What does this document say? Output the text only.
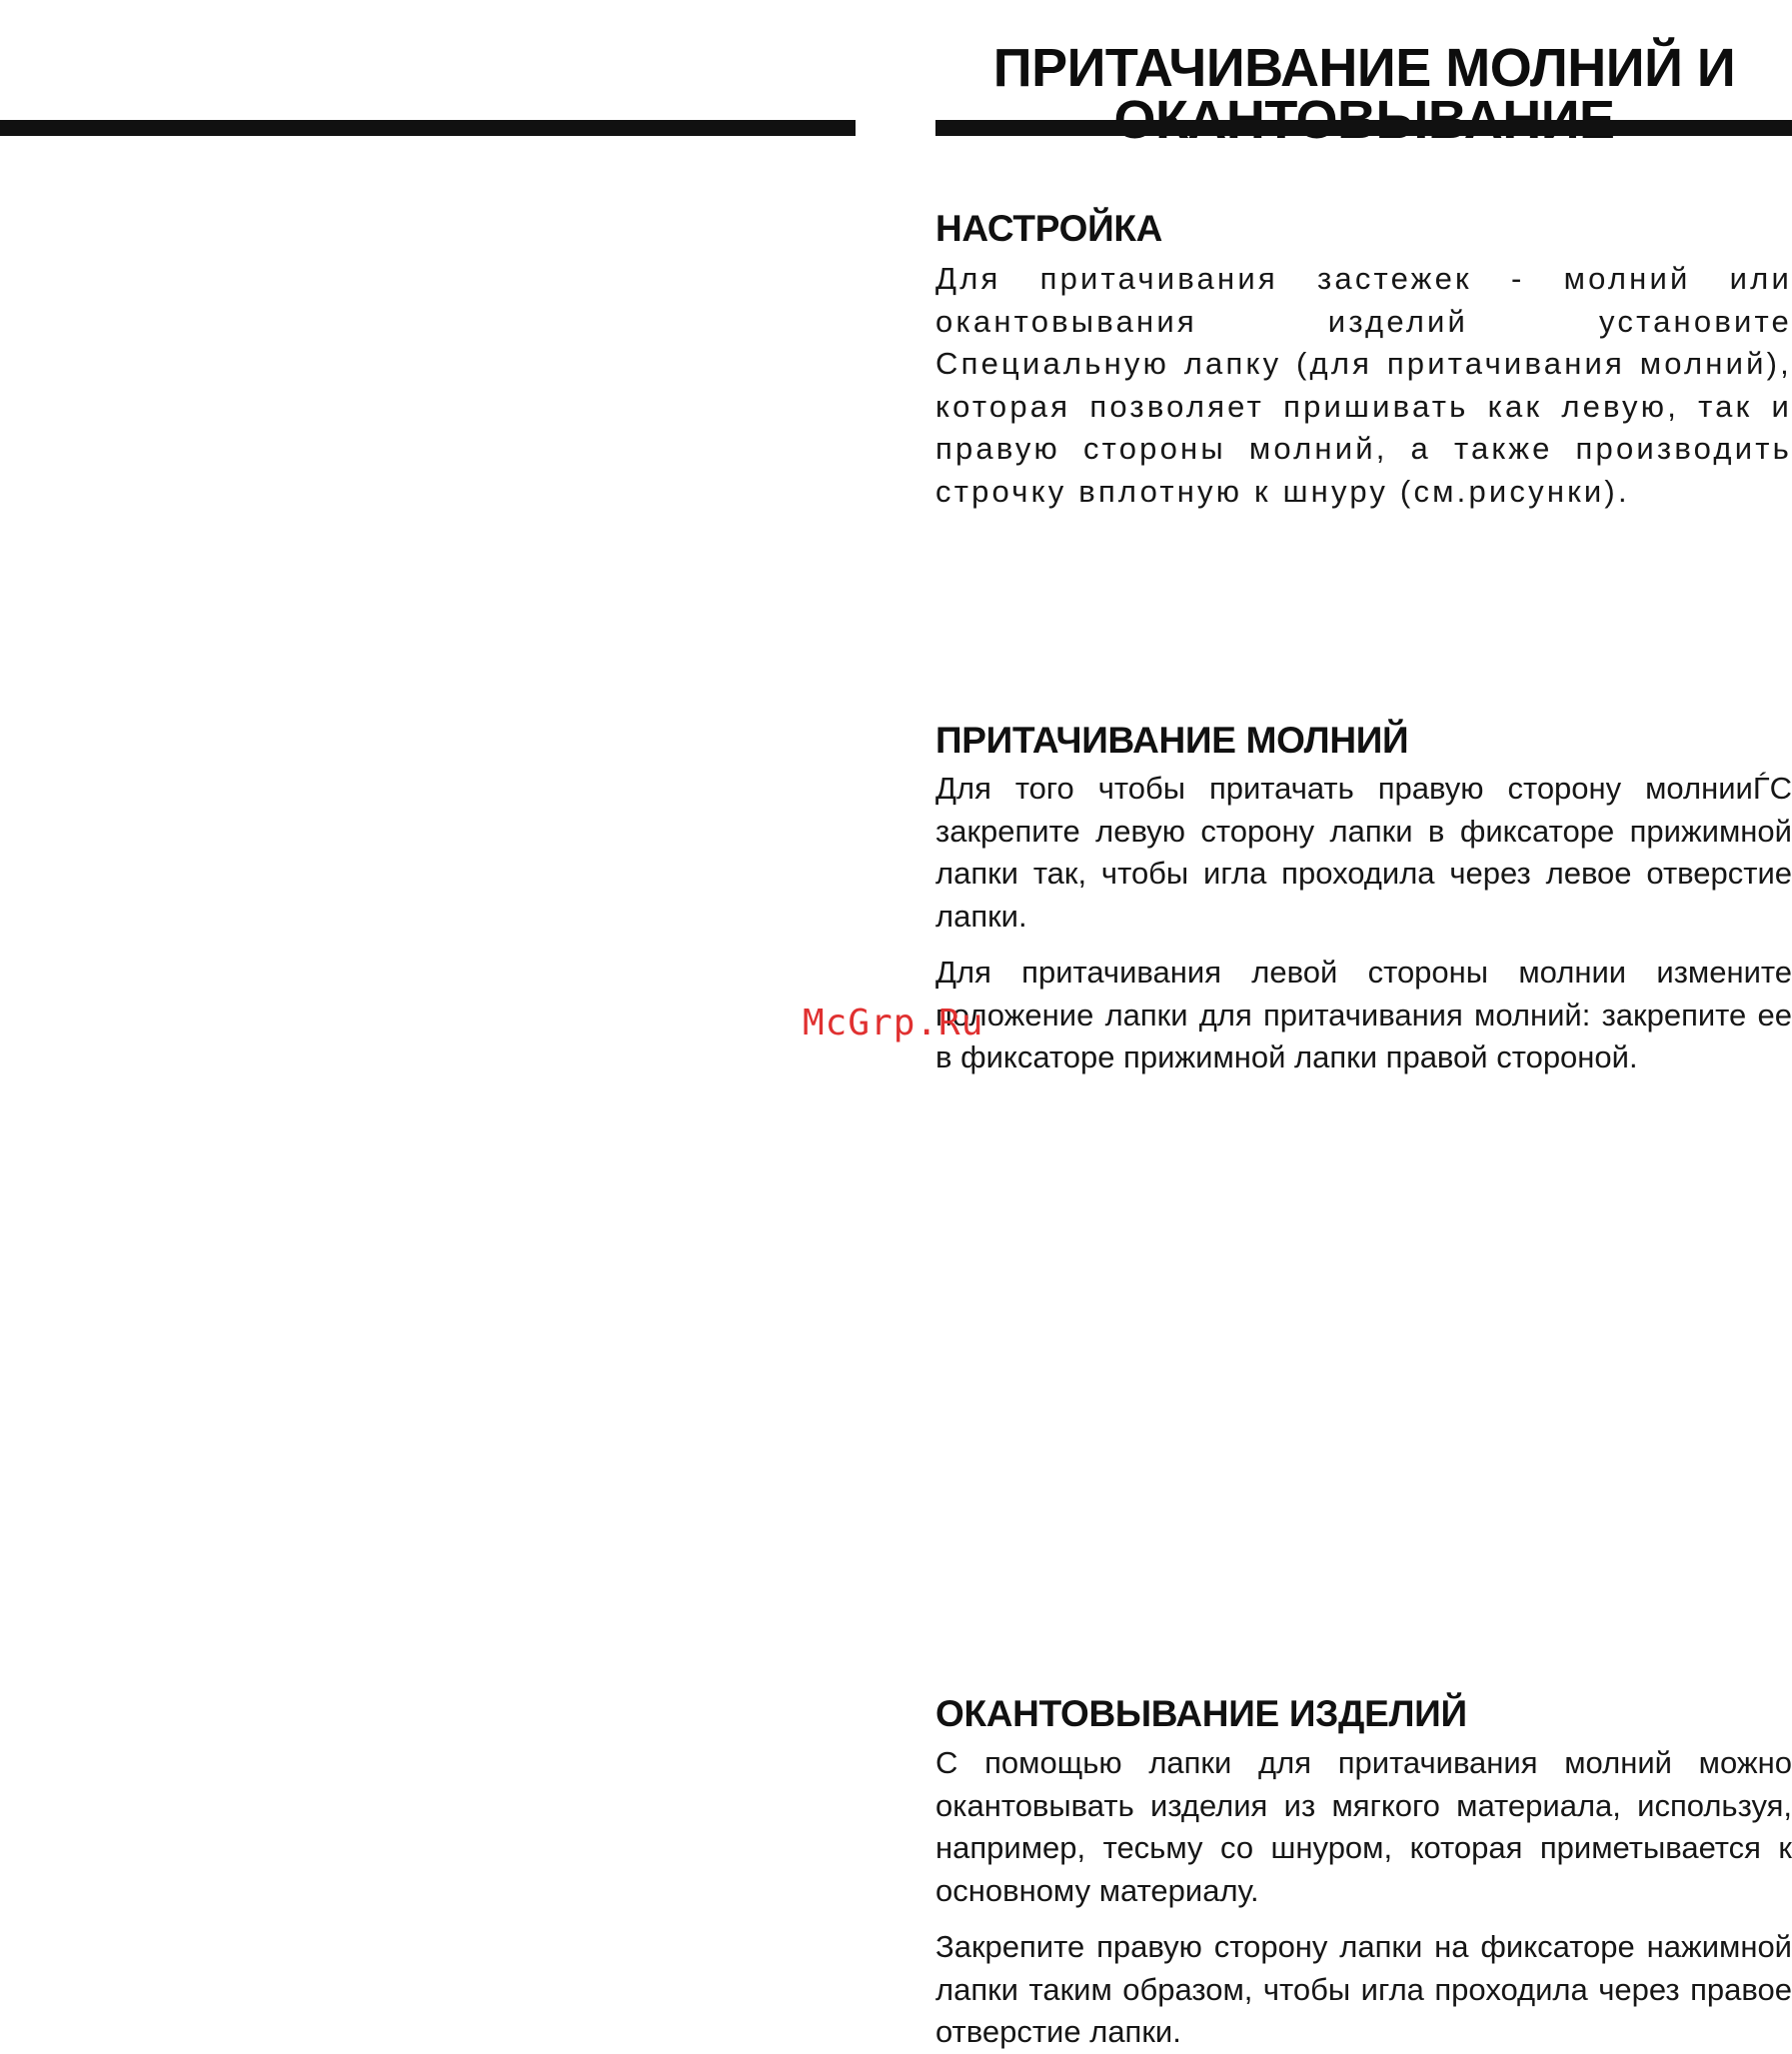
ПРИТАЧИВАНИЕ МОЛНИЙ И
НАСТРОЙКА

Для притачивания застежек - молний или окантовывания изделий установите Специальную лапку (для притачивания молний), которая позволяет пришивать как левую, так и правую стороны молний, а также производить строчку вплотную к шнуру (см.рисунки).

ПРИТАЧИВАНИЕ МОЛНИЙ

Для того чтобы притачать правую сторону молнииЃС закрепите левую сторону лапки в фиксаторе прижимной лапки так, чтобы игла проходила через левое отверстие лапки.

Для притачивания левой стороны молнии измените положение лапки для притачивания молний: закрепите ее в фиксаторе прижимной лапки правой стороной.

ОКАНТОВЫВАНИЕ ИЗДЕЛИЙ

С помощью лапки для притачивания молний можно окантовывать изделия из мягкого материала, используя, например, тесьму со шнуром, которая приметывается к основному материалу.

Закрепите правую сторону лапки на фиксаторе нажимной лапки таким образом, чтобы игла проходила через правое отверстие лапки.

McGrp.Ru
